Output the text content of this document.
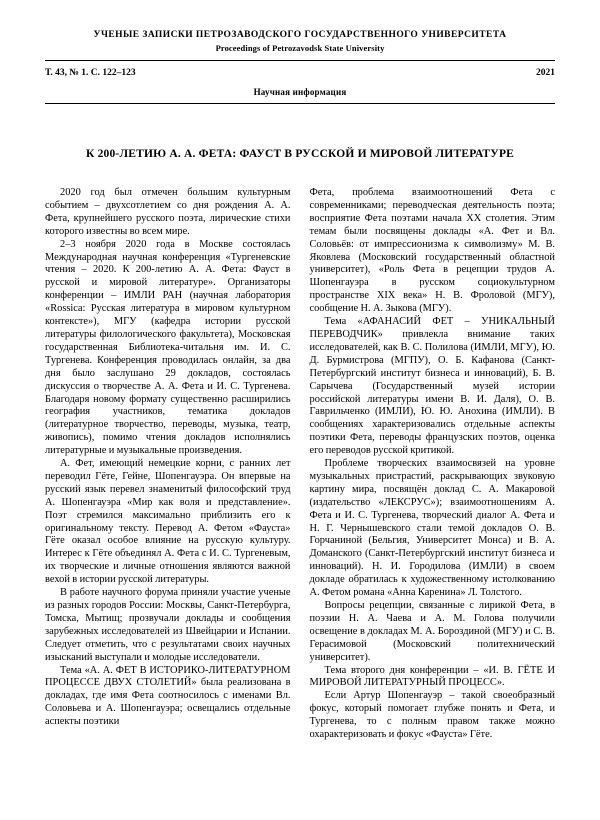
УЧЕНЫЕ ЗАПИСКИ ПЕТРОЗАВОДСКОГО ГОСУДАРСТВЕННОГО УНИВЕРСИТЕТА
Proceedings of Petrozavodsk State University
Т. 43, № 1. С. 122–123	2021
Научная информация
К 200-ЛЕТИЮ А. А. ФЕТА: ФАУСТ В РУССКОЙ И МИРОВОЙ ЛИТЕРАТУРЕ

2020 год был отмечен большим культурным событием – двухсотлетием со дня рождения А. А. Фета, крупнейшего русского поэта, лирические стихи которого известны во всем мире.

2–3 ноября 2020 года в Москве состоялась Международная научная конференция «Тургеневские чтения – 2020. К 200-летию А. А. Фета: Фауст в русской и мировой литературе». Организаторы конференции – ИМЛИ РАН (научная лаборатория «Rossica: Русская литература в мировом культурном контексте»), МГУ (кафедра истории русской литературы филологического факультета), Московская государственная Библиотека-читальня им. И. С. Тургенева. Конференция проводилась онлайн, за два дня было заслушано 29 докладов, состоялась дискуссия о творчестве А. А. Фета и И. С. Тургенева. Благодаря новому формату существенно расширились география участников, тематика докладов (литературное творчество, переводы, музыка, театр, живопись), помимо чтения докладов исполнялись литературные и музыкальные произведения.

А. Фет, имеющий немецкие корни, с ранних лет переводил Гёте, Гейне, Шопенгауэра. Он впервые на русский язык перевел знаменитый философский труд А. Шопенгауэра «Мир как воля и представление». Поэт стремился максимально приблизить его к оригинальному тексту. Перевод А. Фетом «Фауста» Гёте оказал особое влияние на русскую культуру. Интерес к Гёте объединял А. Фета с И. С. Тургеневым, их творческие и личные отношения являются важной вехой в истории русской литературы.

В работе научного форума приняли участие ученые из разных городов России: Москвы, Санкт-Петербурга, Томска, Мытищ; прозвучали доклады и сообщения зарубежных исследователей из Швейцарии и Испании. Следует отметить, что с результатами своих научных изысканий выступали и молодые исследователи.

Тема «А. А. ФЕТ В ИСТОРИКО-ЛИТЕРАТУРНОМ ПРОЦЕССЕ ДВУХ СТОЛЕТИЙ» была реализована в докладах, где имя Фета соотносилось с именами Вл. Соловьева и А. Шопенгауэра; освещались отдельные аспекты поэтики

Фета, проблема взаимоотношений Фета с современниками; переводческая деятельность поэта; восприятие Фета поэтами начала XX столетия. Этим темам были посвящены доклады «А. Фет и Вл. Соловьёв: от импрессионизма к символизму» М. В. Яковлева (Московский государственный областной университет), «Роль Фета в рецепции трудов А. Шопенгауэра в русском социокультурном пространстве XIX века» Н. В. Фроловой (МГУ), сообщение Н. А. Зыкова (МГУ).

Тема «АФАНАСИЙ ФЕТ – УНИКАЛЬНЫЙ ПЕРЕВОДЧИК» привлекла внимание таких исследователей, как В. С. Полилова (ИМЛИ, МГУ), Ю. Д. Бурмистрова (МГПУ), О. Б. Кафанова (Санкт-Петербургский институт бизнеса и инноваций), Б. В. Сарычева (Государственный музей истории российской литературы имени В. И. Даля), О. В. Гаврильченко (ИМЛИ), Ю. Ю. Анохина (ИМЛИ). В сообщениях характеризовались отдельные аспекты поэтики Фета, переводы французских поэтов, оценка его переводов русской критикой.

Проблеме творческих взаимосвязей на уровне музыкальных пристрастий, раскрывающих звуковую картину мира, посвящён доклад С. А. Макаровой (издательство «ЛЕКСРУС»); взаимоотношениям А. Фета и И. С. Тургенева, творческий диалог А. Фета и Н. Г. Чернышевского стали темой докладов О. В. Горчаниной (Бельгия, Университет Монса) и В. А. Доманского (Санкт-Петербургский институт бизнеса и инноваций). Н. И. Городилова (ИМЛИ) в своем докладе обратилась к художественному истолкованию А. Фетом романа «Анна Каренина» Л. Толстого.

Вопросы рецепции, связанные с лирикой Фета, в поэзии Н. А. Чаева и А. М. Голова получили освещение в докладах М. А. Бороздиной (МГУ) и С. В. Герасимовой (Московский политехнический университет).

Тема второго дня конференции – «И. В. ГЁТЕ И МИРОВОЙ ЛИТЕРАТУРНЫЙ ПРОЦЕСС».

Если Артур Шопенгауэр – такой своеобразный фокус, который помогает глубже понять и Фета, и Тургенева, то с полным правом также можно охарактеризовать и фокус «Фауста» Гёте.
